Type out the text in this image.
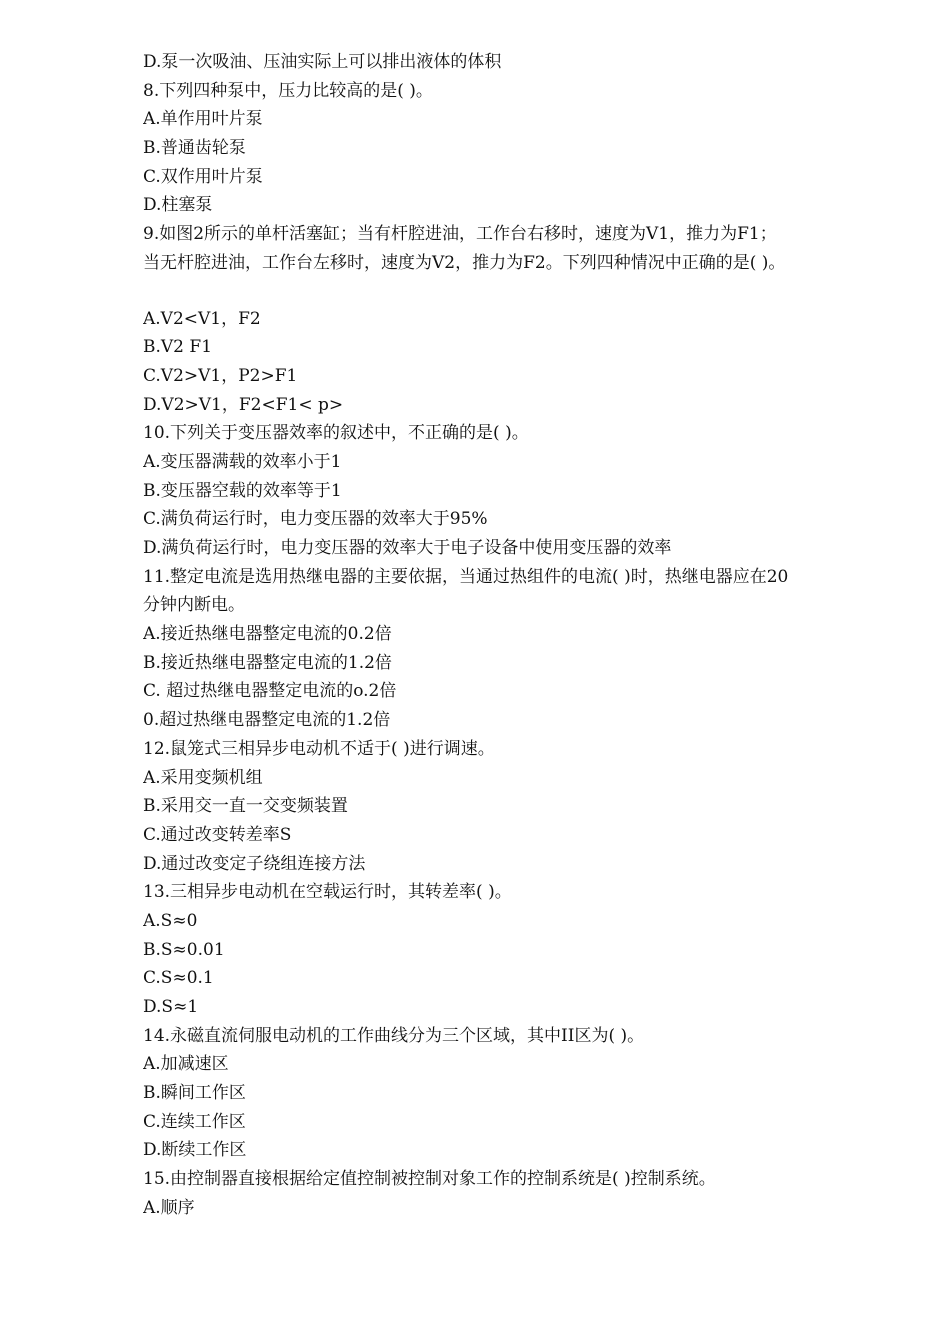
D.泵一次吸油、压油实际上可以排出液体的体积
8.下列四种泵中，压力比较高的是( )。
A.单作用叶片泵
B.普通齿轮泵
C.双作用叶片泵
D.柱塞泵
9.如图2所示的单杆活塞缸；当有杆腔进油，工作台右移时，速度为V1，推力为F1；
当无杆腔进油，工作台左移时，速度为V2，推力为F2。下列四种情况中正确的是( )。
A.V2<V1，F2
B.V2 F1
C.V2>V1，P2>F1
D.V2>V1，F2<F1< p>
10.下列关于变压器效率的叙述中，不正确的是( )。
A.变压器满载的效率小于1
B.变压器空载的效率等于1
C.满负荷运行时，电力变压器的效率大于95%
D.满负荷运行时，电力变压器的效率大于电子设备中使用变压器的效率
11.整定电流是选用热继电器的主要依据，当通过热组件的电流( )时，热继电器应在20
分钟内断电。
A.接近热继电器整定电流的0.2倍
B.接近热继电器整定电流的1.2倍
C. 超过热继电器整定电流的o.2倍
0.超过热继电器整定电流的1.2倍
12.鼠笼式三相异步电动机不适于( )进行调速。
A.采用变频机组
B.采用交一直一交变频装置
C.通过改变转差率S
D.通过改变定子绕组连接方法
13.三相异步电动机在空载运行时，其转差率( )。
A.S≈0
B.S≈0.01
C.S≈0.1
D.S≈1
14.永磁直流伺服电动机的工作曲线分为三个区域，其中II区为( )。
A.加减速区
B.瞬间工作区
C.连续工作区
D.断续工作区
15.由控制器直接根据给定值控制被控制对象工作的控制系统是( )控制系统。
A.顺序
